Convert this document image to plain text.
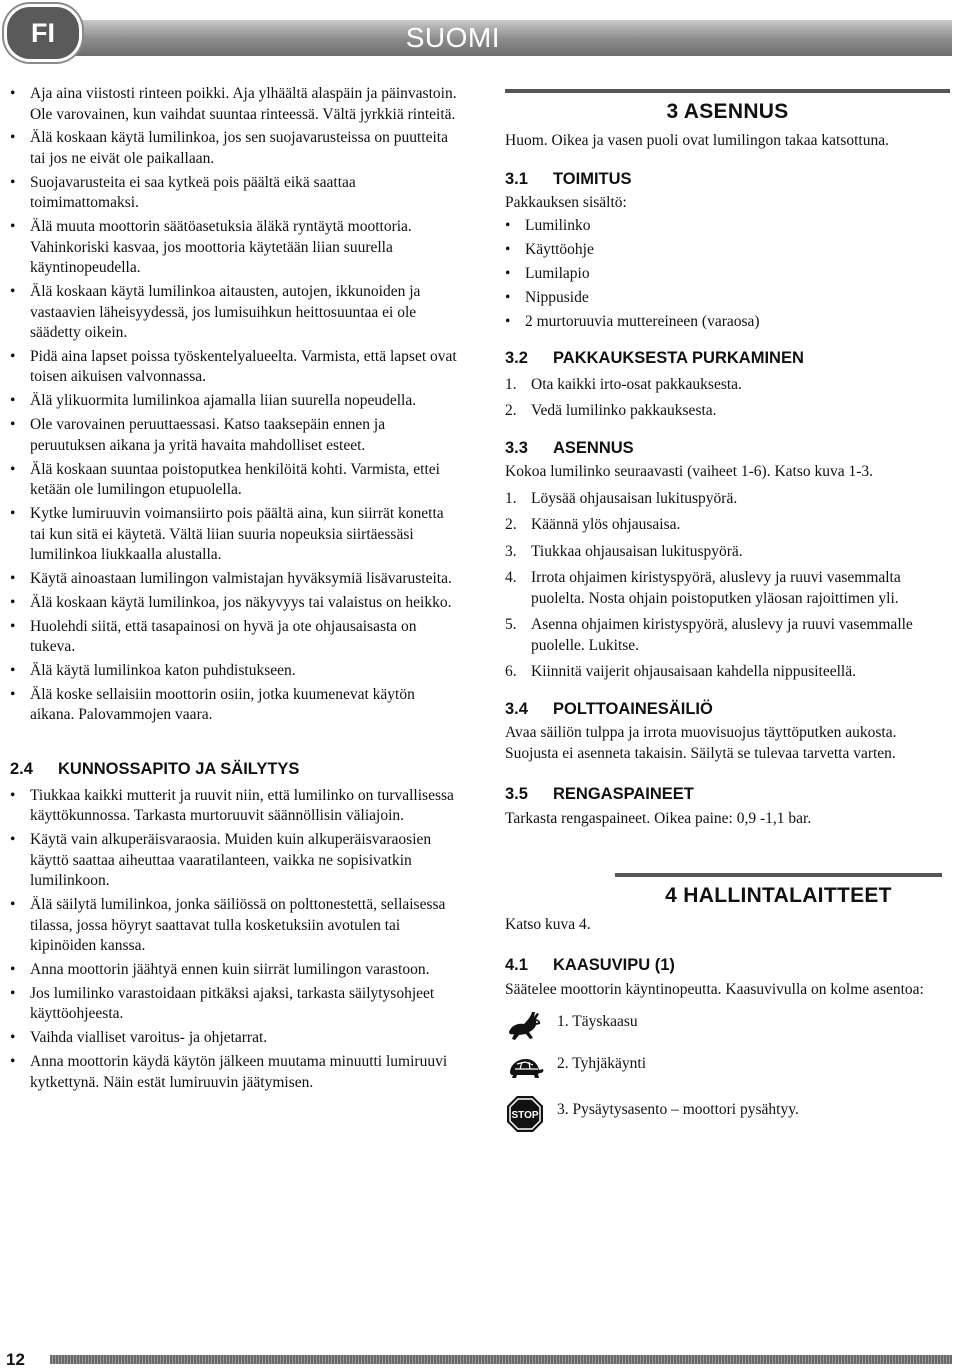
FI	SUOMI
• Aja aina viistosti rinteen poikki. Aja ylhäältä alaspäin ja päinvastoin. Ole varovainen, kun vaihdat suuntaa rinteessä. Vältä jyrkkiä rinteitä.
• Älä koskaan käytä lumilinkoa, jos sen suojavarusteissa on puutteita tai jos ne eivät ole paikallaan.
• Suojavarusteita ei saa kytkeä pois päältä eikä saattaa toimimattomaksi.
• Älä muuta moottorin säätöasetuksia äläkä ryntäytä moottoria. Vahinkoriski kasvaa, jos moottoria käytetään liian suurella käyntinopeudella.
• Älä koskaan käytä lumilinkoa aitausten, autojen, ikkunoiden ja vastaavien läheisyydessä, jos lumisuihkun heittosuuntaa ei ole säädetty oikein.
• Pidä aina lapset poissa työskentelyalueelta. Varmista, että lapset ovat toisen aikuisen valvonnassa.
• Älä ylikuormita lumilinkoa ajamalla liian suurella nopeudella.
• Ole varovainen peruuttaessasi. Katso taaksepäin ennen ja peruutuksen aikana ja yritä havaita mahdolliset esteet.
• Älä koskaan suuntaa poistoputkea henkilöitä kohti. Varmista, ettei ketään ole lumilingon etupuolella.
• Kytke lumiruuvin voimansiirto pois päältä aina, kun siirrät konetta tai kun sitä ei käytetä. Vältä liian suuria nopeuksia siirtäessäsi lumilinkoa liukkaalla alustalla.
• Käytä ainoastaan lumilingon valmistajan hyväksymiä lisävarusteita.
• Älä koskaan käytä lumilinkoa, jos näkyvyys tai valaistus on heikko.
• Huolehdi siitä, että tasapainosi on hyvä ja ote ohjausaisasta on tukeva.
• Älä käytä lumilinkoa katon puhdistukseen.
• Älä koske sellaisiin moottorin osiin, jotka kuumenevat käytön aikana. Palovammojen vaara.
2.4 KUNNOSSAPITO JA SÄILYTYS
• Tiukkaa kaikki mutterit ja ruuvit niin, että lumilinko on turvallisessa käyttökunnossa. Tarkasta murtoruuvit säännöllisin väliajoin.
• Käytä vain alkuperäisvaraosia. Muiden kuin alkuperäisvaraosien käyttö saattaa aiheuttaa vaaratilanteen, vaikka ne sopisivatkin lumilinkoon.
• Älä säilytä lumilinkoa, jonka säiliössä on polttonestettä, sellaisessa tilassa, jossa höyryt saattavat tulla kosketuksiin avotulen tai kipinöiden kanssa.
• Anna moottorin jäähtyä ennen kuin siirrät lumilingon varastoon.
• Jos lumilinko varastoidaan pitkäksi ajaksi, tarkasta säilytysohjeet käyttöohjeesta.
• Vaihda vialliset varoitus- ja ohjetarrat.
• Anna moottorin käydä käytön jälkeen muutama minuutti lumiruuvi kytkettynä. Näin estät lumiruuvin jäätymisen.
3 ASENNUS

Huom. Oikea ja vasen puoli ovat lumilingon takaa katsottuna.

3.1 TOIMITUS

Pakkauksen sisältö:

• Lumilinko
• Käyttöohje
• Lumilapio
• Nippuside
• 2 murtoruuvia muttereineen (varaosa)
3.2 PAKKAUKSESTA PURKAMINEN
1. Ota kaikki irto-osat pakkauksesta.
2. Vedä lumilinko pakkauksesta.
3.3 ASENNUS

Kokoa lumilinko seuraavasti (vaiheet 1-6). Katso kuva 1-3.

1. Löysää ohjausaisan lukituspyörä.
2. Käännä ylös ohjausaisa.
3. Tiukkaa ohjausaisan lukituspyörä.
4. Irrota ohjaimen kiristyspyörä, aluslevy ja ruuvi vasemmalta puolelta. Nosta ohjain poistoputken yläosan rajoittimen yli.
5. Asenna ohjaimen kiristyspyörä, aluslevy ja ruuvi vasemmalle puolelle. Lukitse.
6. Kiinnitä vaijerit ohjausaisaan kahdella nippusiteellä.
3.4 POLTTOAINESÄILIÖ

Avaa säiliön tulppa ja irrota muovisuojus täyttöputken aukosta. Suojusta ei asenneta takaisin. Säilytä se tulevaa tarvetta varten.

3.5 RENGASPAINEET

Tarkasta rengaspaineet. Oikea paine: 0,9 -1,1 bar.

4 HALLINTALAITTEET

Katso kuva 4.

4.1 KAASUVIPU (1)

Säätelee moottorin käyntinopeutta. Kaasuvivulla on kolme asentoa:

1. Täyskaasu
2. Tyhjäkäynti
STOP 3. Pysäytysasento – moottori pysähtyy.
12
